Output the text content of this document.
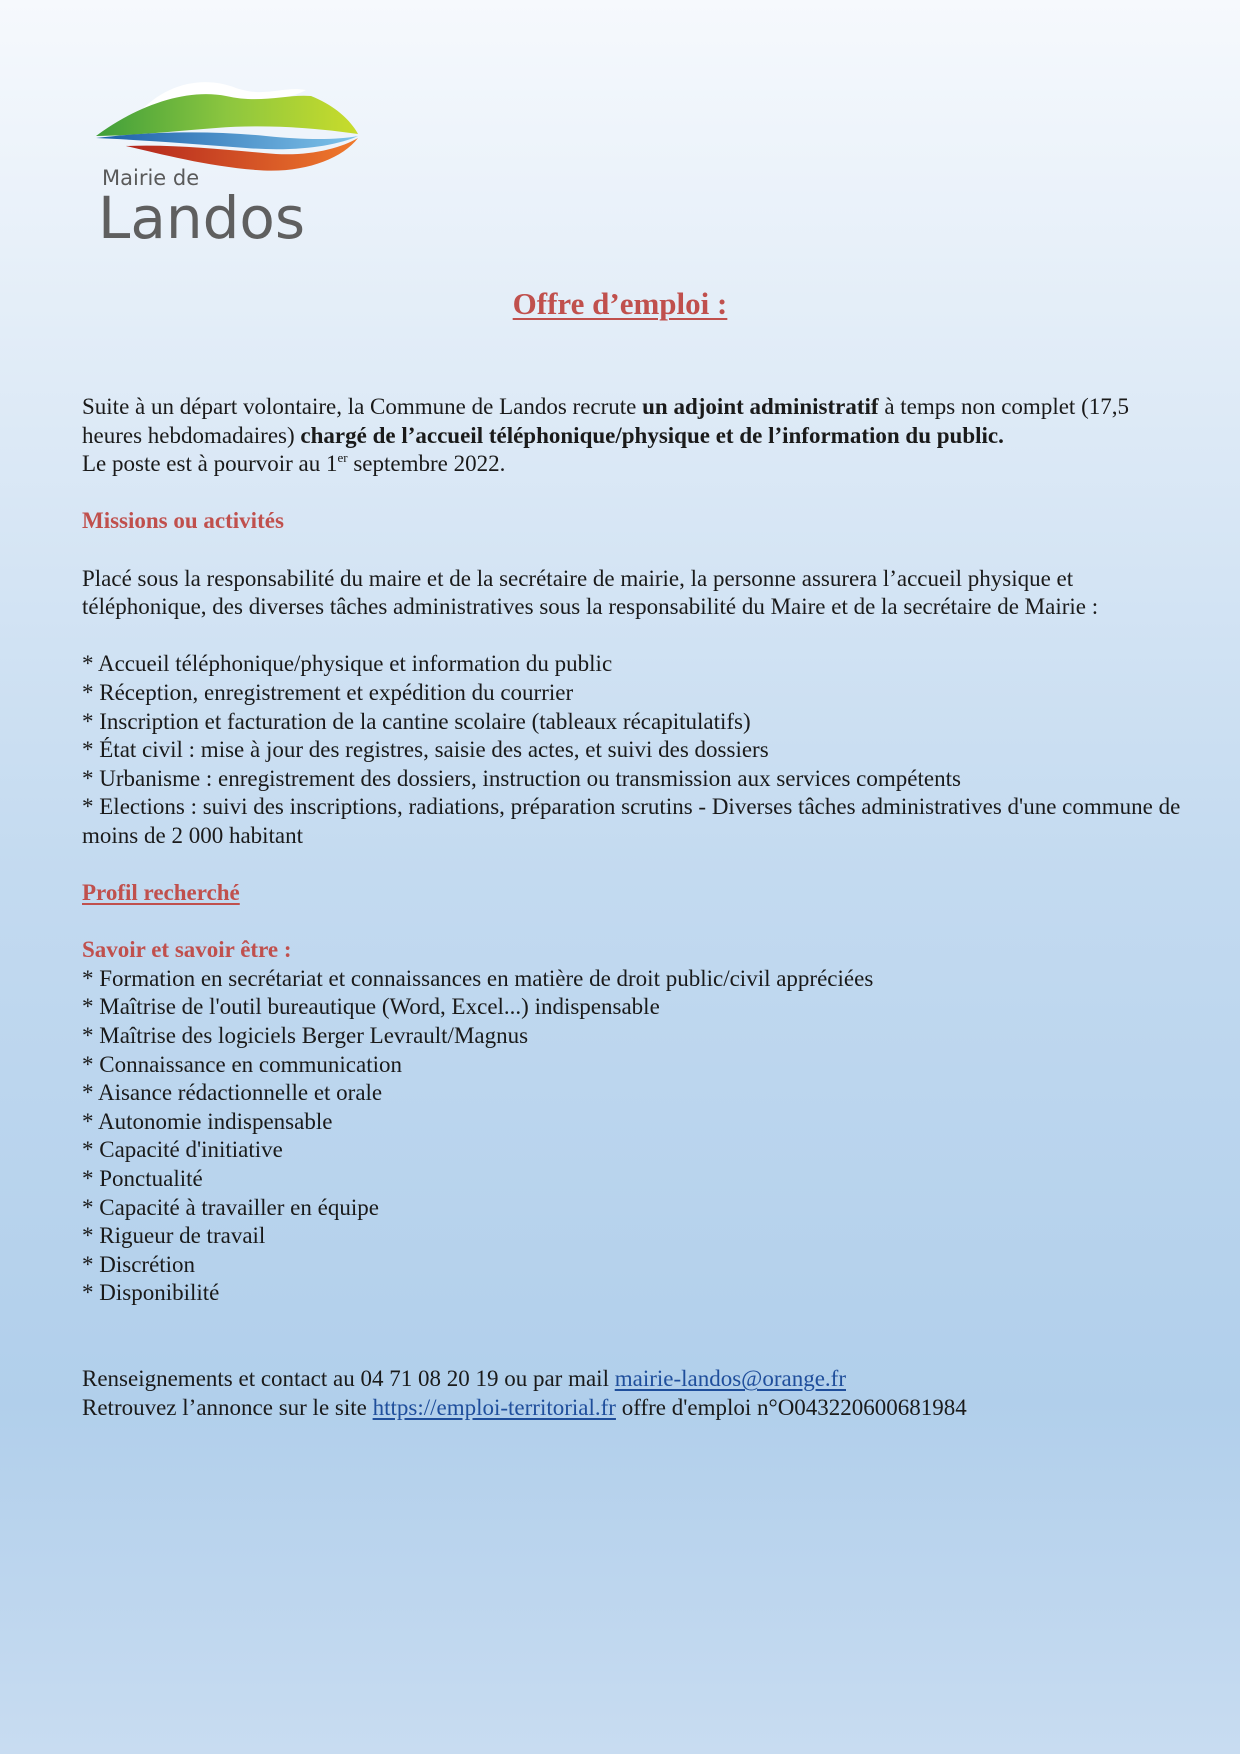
Mairie de
Landos
Offre d’emploi :

Suite à un départ volontaire, la Commune de Landos recrute un adjoint administratif à temps non complet (17,5 heures hebdomadaires) chargé de l’accueil téléphonique/physique et de l’information du public.

Le poste est à pourvoir au 1er septembre 2022.

Missions ou activités

Placé sous la responsabilité du maire et de la secrétaire de mairie, la personne assurera l’accueil physique et téléphonique, des diverses tâches administratives sous la responsabilité du Maire et de la secrétaire de Mairie :

* Accueil téléphonique/physique et information du public

* Réception, enregistrement et expédition du courrier

* Inscription et facturation de la cantine scolaire (tableaux récapitulatifs)

* État civil : mise à jour des registres, saisie des actes, et suivi des dossiers

* Urbanisme : enregistrement des dossiers, instruction ou transmission aux services compétents

* Elections : suivi des inscriptions, radiations, préparation scrutins - Diverses tâches administratives d'une commune de moins de 2 000 habitant

Profil recherché

Savoir et savoir être :

* Formation en secrétariat et connaissances en matière de droit public/civil appréciées

* Maîtrise de l'outil bureautique (Word, Excel...) indispensable

* Maîtrise des logiciels Berger Levrault/Magnus

* Connaissance en communication

* Aisance rédactionnelle et orale

* Autonomie indispensable

* Capacité d'initiative

* Ponctualité

* Capacité à travailler en équipe

* Rigueur de travail

* Discrétion

* Disponibilité

Renseignements et contact au 04 71 08 20 19 ou par mail mairie-landos@orange.fr

Retrouvez l’annonce sur le site https://emploi-territorial.fr offre d'emploi n°O043220600681984
